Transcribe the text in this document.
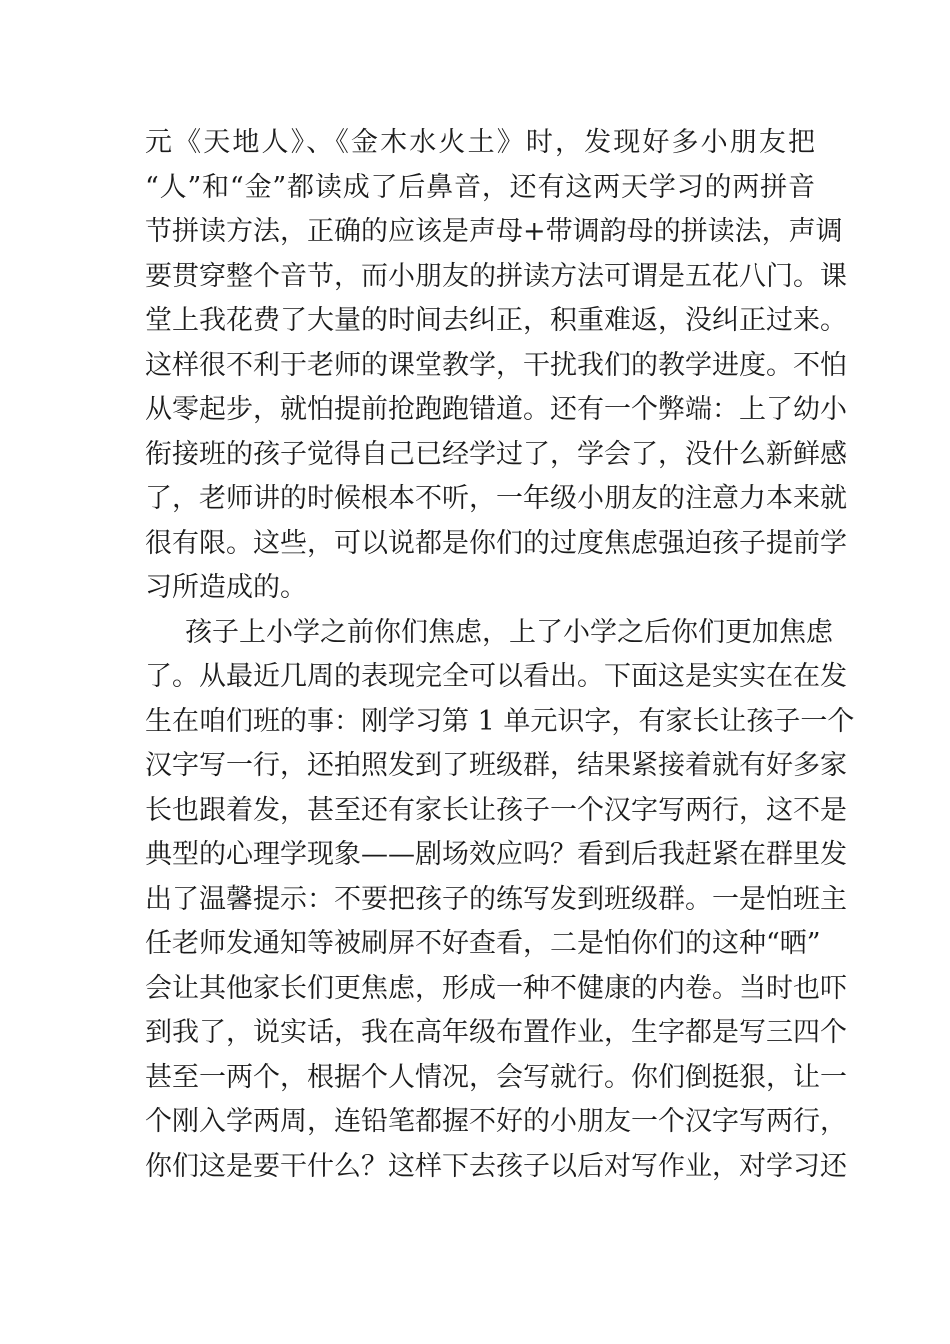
元《天地人》、《金木水火土》时，发现好多小朋友把
“人”和“金”都读成了后鼻音，还有这两天学习的两拼音
节拼读方法，正确的应该是声母+带调韵母的拼读法，声调
要贯穿整个音节，而小朋友的拼读方法可谓是五花八门。课
堂上我花费了大量的时间去纠正，积重难返，没纠正过来。
这样很不利于老师的课堂教学，干扰我们的教学进度。不怕
从零起步，就怕提前抢跑跑错道。还有一个弊端：上了幼小
衔接班的孩子觉得自己已经学过了，学会了，没什么新鲜感
了，老师讲的时候根本不听，一年级小朋友的注意力本来就
很有限。这些，可以说都是你们的过度焦虑强迫孩子提前学
习所造成的。
孩子上小学之前你们焦虑，上了小学之后你们更加焦虑
了。从最近几周的表现完全可以看出。下面这是实实在在发
生在咱们班的事：刚学习第 1 单元识字，有家长让孩子一个
汉字写一行，还拍照发到了班级群，结果紧接着就有好多家
长也跟着发，甚至还有家长让孩子一个汉字写两行，这不是
典型的心理学现象——剧场效应吗？看到后我赶紧在群里发
出了温馨提示：不要把孩子的练写发到班级群。一是怕班主
任老师发通知等被刷屏不好查看，二是怕你们的这种“晒”
会让其他家长们更焦虑，形成一种不健康的内卷。当时也吓
到我了，说实话，我在高年级布置作业，生字都是写三四个
甚至一两个，根据个人情况，会写就行。你们倒挺狠，让一
个刚入学两周，连铅笔都握不好的小朋友一个汉字写两行，
你们这是要干什么？这样下去孩子以后对写作业，对学习还
